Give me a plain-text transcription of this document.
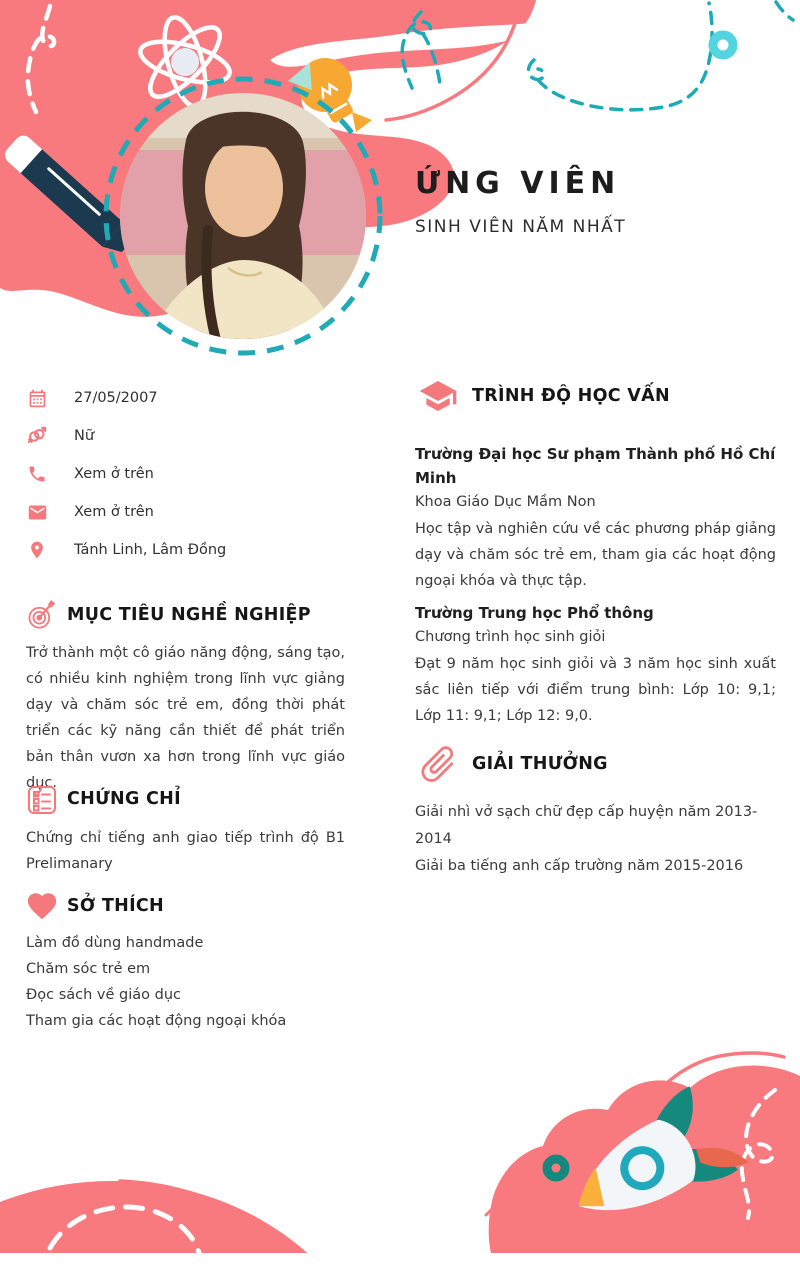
ỨNG VIÊN
SINH VIÊN NĂM NHẤT
27/05/2007
Nữ
Xem ở trên
Xem ở trên
Tánh Linh, Lâm Đồng
MỤC TIÊU NGHỀ NGHIỆP
Trở thành một cô giáo năng động, sáng tạo, có nhiều kinh nghiệm trong lĩnh vực giảng dạy và chăm sóc trẻ em, đồng thời phát triển các kỹ năng cần thiết để phát triển bản thân vươn xa hơn trong lĩnh vực giáo dục.
CHỨNG CHỈ
Chứng chỉ tiếng anh giao tiếp trình độ B1 Prelimanary
SỞ THÍCH
Làm đồ dùng handmade
Chăm sóc trẻ em
Đọc sách về giáo dục
Tham gia các hoạt động ngoại khóa
TRÌNH ĐỘ HỌC VẤN
Trường Đại học Sư phạm Thành phố Hồ Chí Minh
Khoa Giáo Dục Mầm Non
Học tập và nghiên cứu về các phương pháp giảng dạy và chăm sóc trẻ em, tham gia các hoạt động ngoại khóa và thực tập.
Trường Trung học Phổ thông
Chương trình học sinh giỏi
Đạt 9 năm học sinh giỏi và 3 năm học sinh xuất sắc liên tiếp với điểm trung bình: Lớp 10: 9,1; Lớp 11: 9,1; Lớp 12: 9,0.
GIẢI THƯỞNG
Giải nhì vở sạch chữ đẹp cấp huyện năm 2013-2014
Giải ba tiếng anh cấp trường năm 2015-2016
